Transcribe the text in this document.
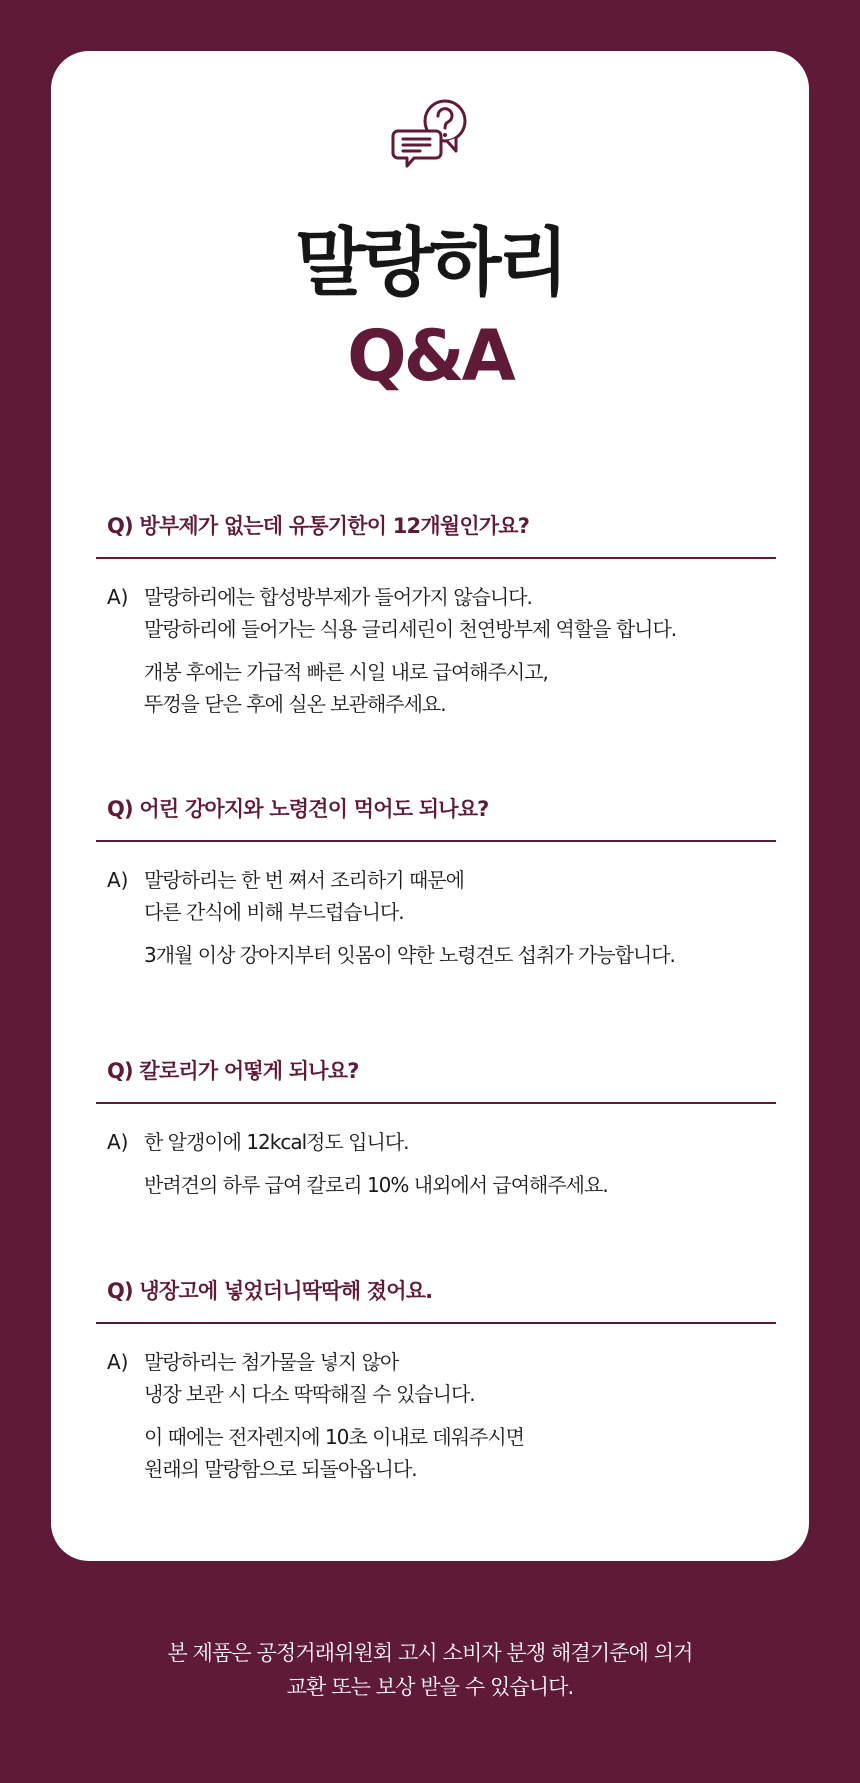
말랑하리
Q&A
Q) 방부제가 없는데 유통기한이 12개월인가요?
A) 말랑하리에는 합성방부제가 들어가지 않습니다.
말랑하리에 들어가는 식용 글리세린이 천연방부제 역할을 합니다.
개봉 후에는 가급적 빠른 시일 내로 급여해주시고,
뚜껑을 닫은 후에 실온 보관해주세요.
Q) 어린 강아지와 노령견이 먹어도 되나요?
A) 말랑하리는 한 번 쪄서 조리하기 때문에
다른 간식에 비해 부드럽습니다.
3개월 이상 강아지부터 잇몸이 약한 노령견도 섭취가 가능합니다.
Q) 칼로리가 어떻게 되나요?
A) 한 알갱이에 12kcal정도 입니다.
반려견의 하루 급여 칼로리 10% 내외에서 급여해주세요.
Q) 냉장고에 넣었더니딱딱해 졌어요.
A) 말랑하리는 첨가물을 넣지 않아
냉장 보관 시 다소 딱딱해질 수 있습니다.
이 때에는 전자렌지에 10초 이내로 데워주시면
원래의 말랑함으로 되돌아옵니다.
본 제품은 공정거래위원회 고시 소비자 분쟁 해결기준에 의거
교환 또는 보상 받을 수 있습니다.
